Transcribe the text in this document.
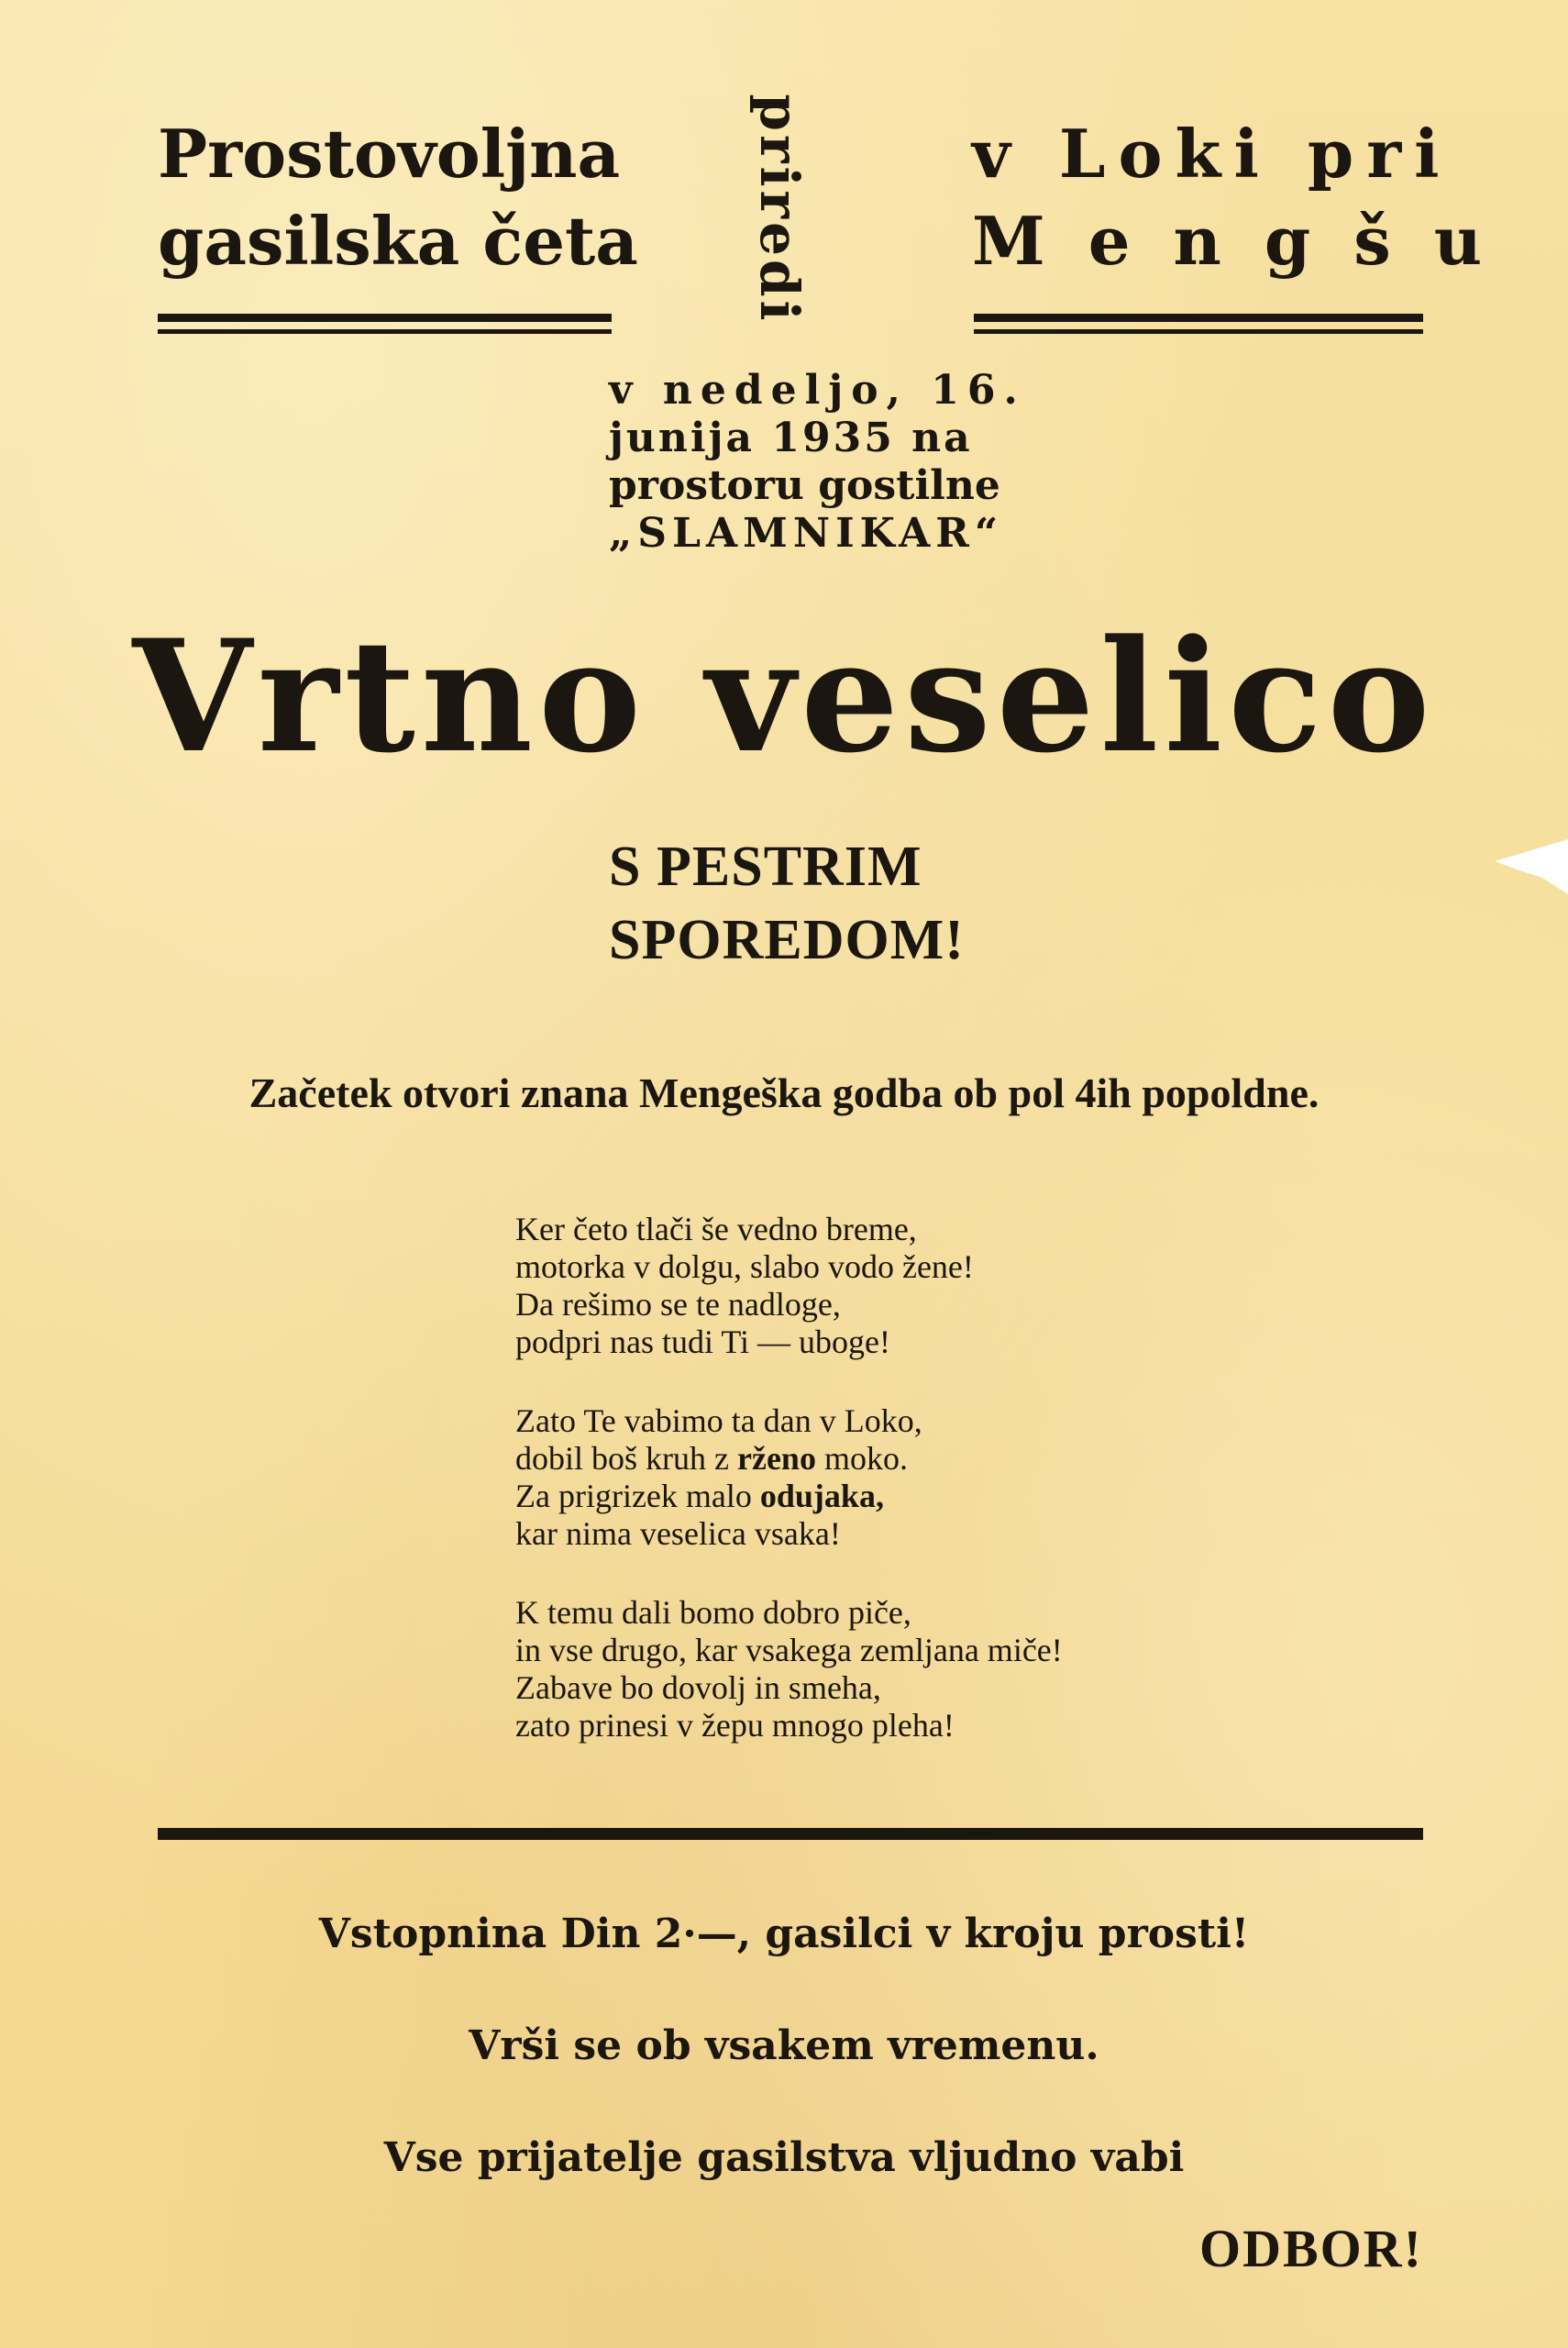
Prostovoljna
gasilska četa priredi v Loki pri
Mengšu
v nedeljo, 16.
junija 1935 na
prostoru gostilne
„SLAMNIKAR“
Vrtno veselico
S PESTRIM
SPOREDOM!
Začetek otvori znana Mengeška godba ob pol 4ih popoldne.
Ker četo tlači še vedno breme,
motorka v dolgu, slabo vodo žene!
Da rešimo se te nadloge,
podpri nas tudi Ti — uboge!
Zato Te vabimo ta dan v Loko,
dobil boš kruh z rženo moko.
Za prigrizek malo odujaka,
kar nima veselica vsaka!
K temu dali bomo dobro piče,
in vse drugo, kar vsakega zemljana miče!
Zabave bo dovolj in smeha,
zato prinesi v žepu mnogo pleha!
Vstopnina Din 2·—, gasilci v kroju prosti!
Vrši se ob vsakem vremenu.
Vse prijatelje gasilstva vljudno vabi
ODBOR!
